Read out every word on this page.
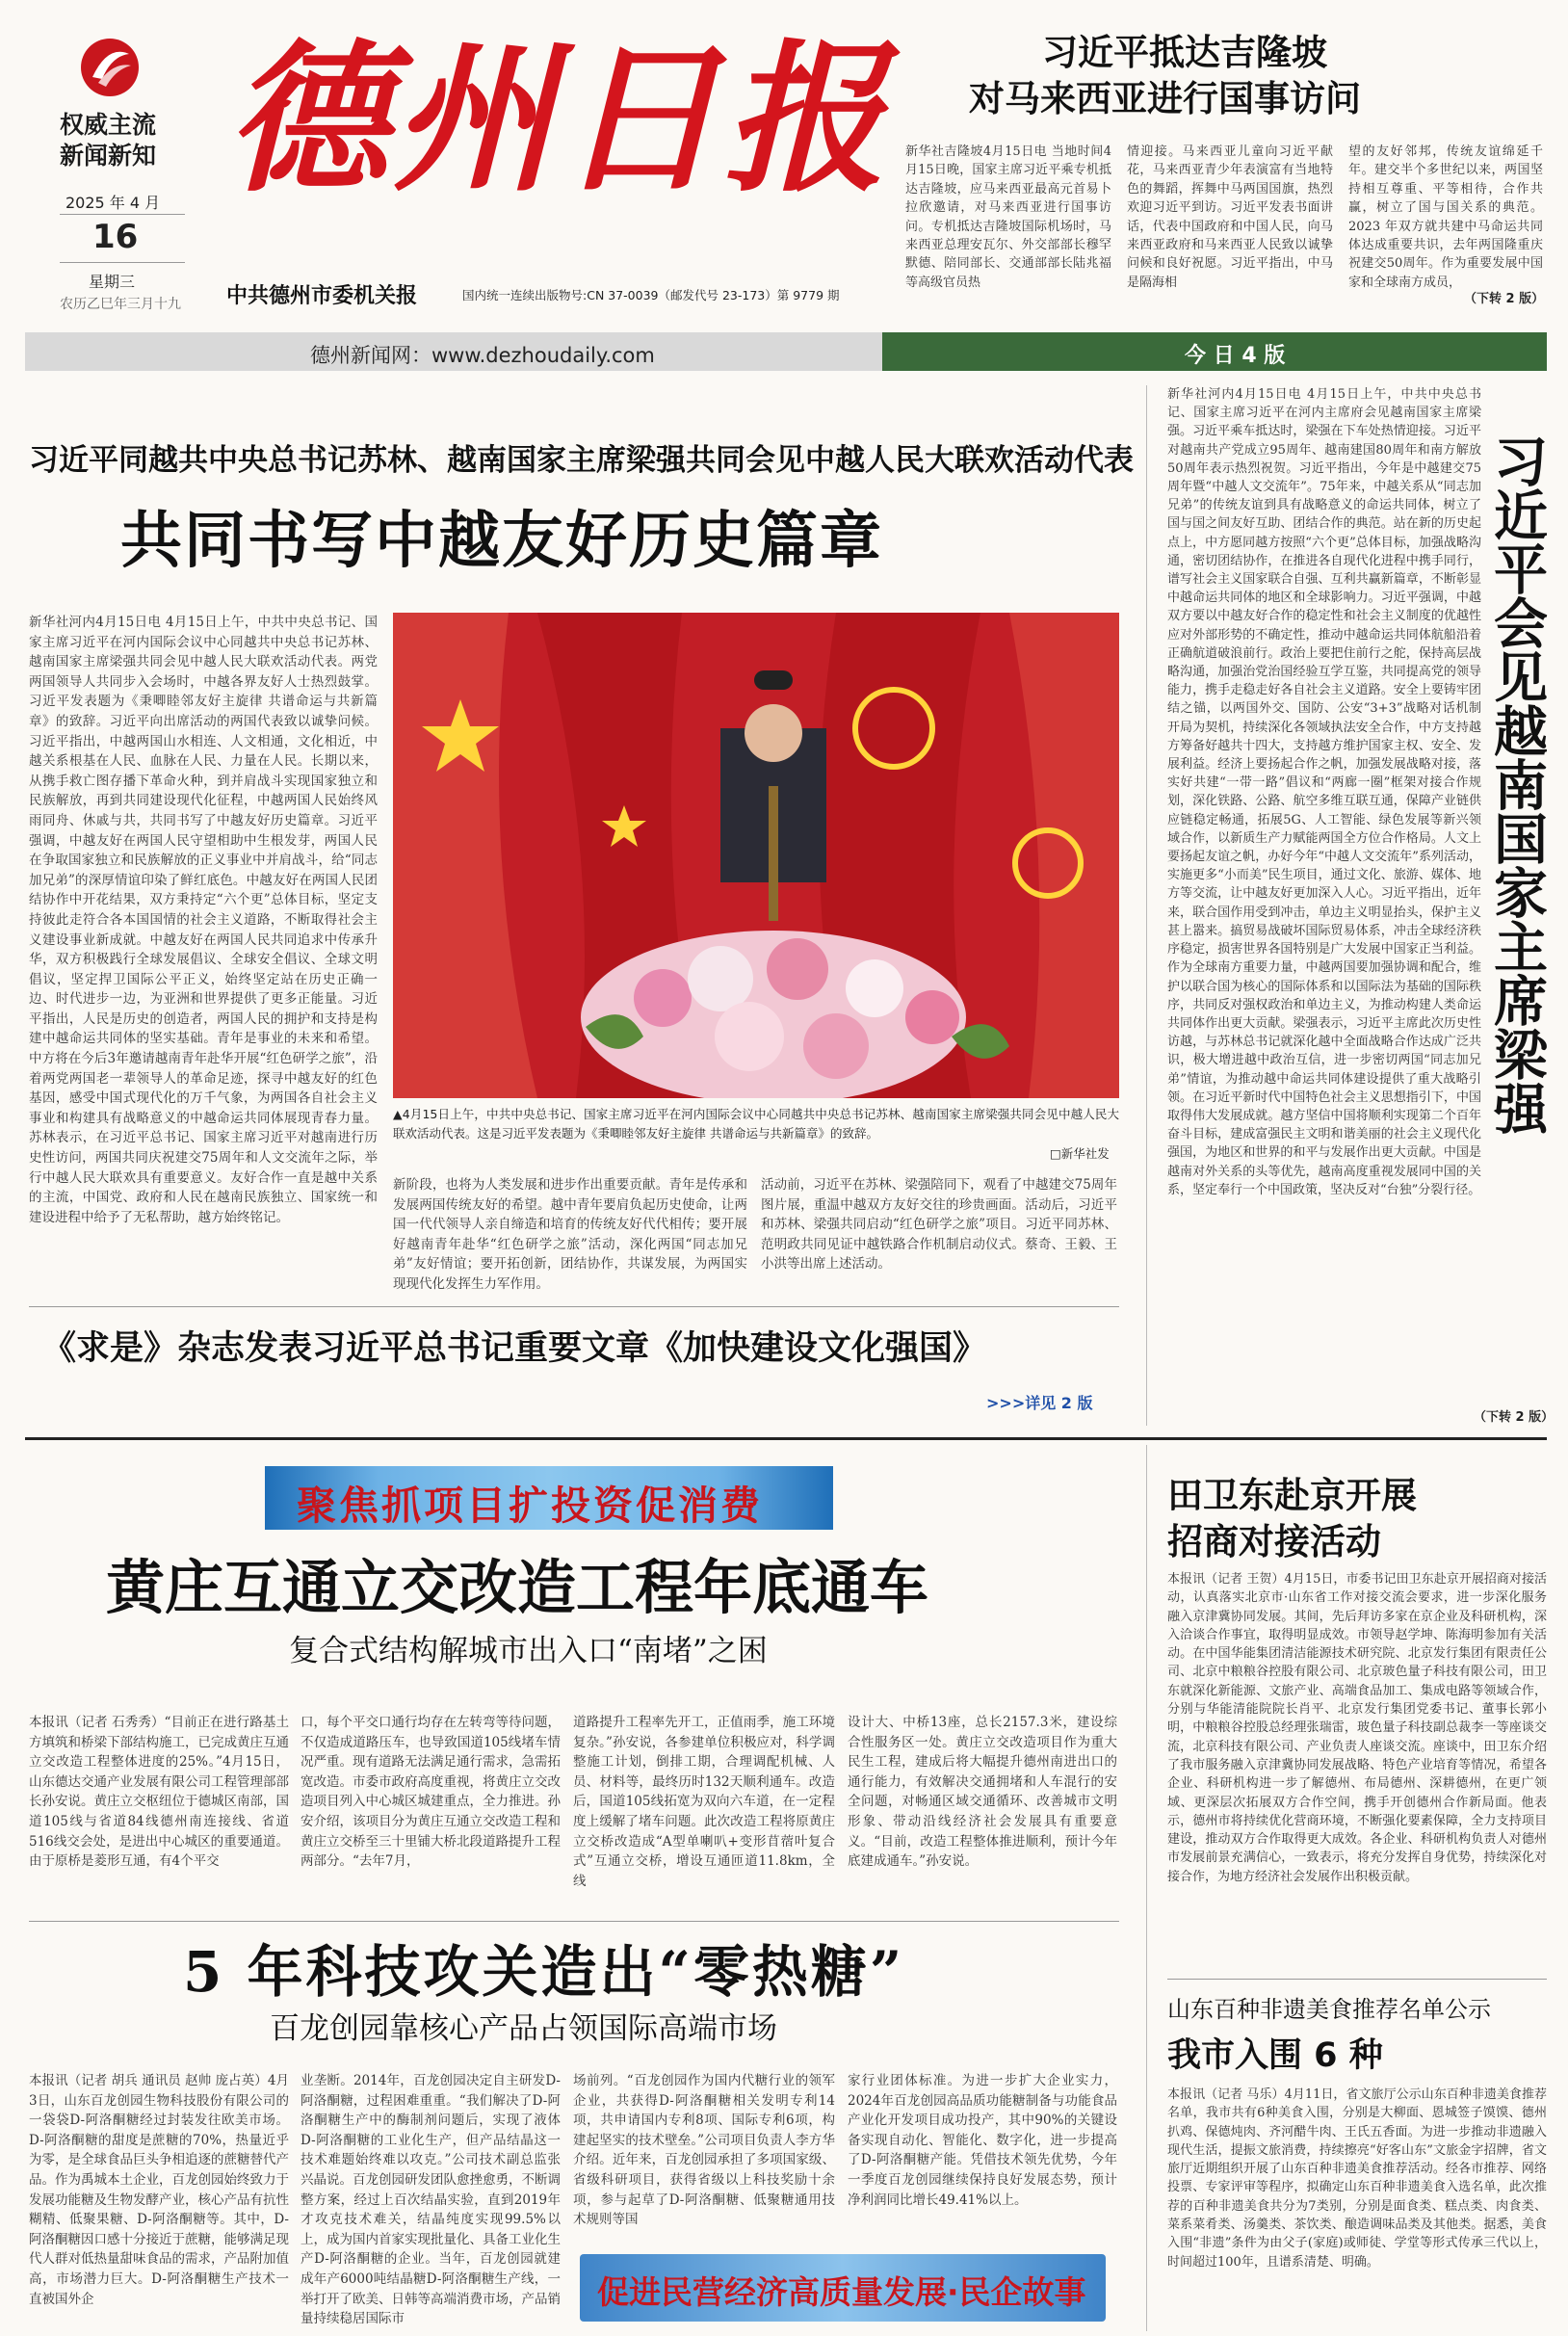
权威主流
新闻新知
2025 年 4 月
16
星期三
农历乙巳年三月十九
德州日报
中共德州市委机关报	国内统一连续出版物号:CN 37-0039（邮发代号 23-173）第 9779 期
习近平抵达吉隆坡
对马来西亚进行国事访问
新华社吉隆坡4月15日电 当地时间4月15日晚，国家主席习近平乘专机抵达吉隆坡，应马来西亚最高元首易卜拉欣邀请，对马来西亚进行国事访问。专机抵达吉隆坡国际机场时，马来西亚总理安瓦尔、外交部部长穆罕默德、陪同部长、交通部部长陆兆福等高级官员热
情迎接。马来西亚儿童向习近平献花，马来西亚青少年表演富有当地特色的舞蹈，挥舞中马两国国旗，热烈欢迎习近平到访。习近平发表书面讲话，代表中国政府和中国人民，向马来西亚政府和马来西亚人民致以诚挚问候和良好祝愿。习近平指出，中马是隔海相
望的友好邻邦，传统友谊绵延千年。建交半个多世纪以来，两国坚持相互尊重、平等相待，合作共赢，树立了国与国关系的典范。2023 年双方就共建中马命运共同体达成重要共识，去年两国隆重庆祝建交50周年。作为重要发展中国家和全球南方成员，
（下转 2 版）
德州新闻网：www.dezhoudaily.com	今 日 4 版
习近平同越共中央总书记苏林、越南国家主席梁强共同会见中越人民大联欢活动代表
共同书写中越友好历史篇章
新华社河内4月15日电 4月15日上午，中共中央总书记、国家主席习近平在河内国际会议中心同越共中央总书记苏林、越南国家主席梁强共同会见中越人民大联欢活动代表。两党两国领导人共同步入会场时，中越各界友好人士热烈鼓掌。习近平发表题为《秉唧睦邻友好主旋律 共谱命运与共新篇章》的致辞。习近平向出席活动的两国代表致以诚挚问候。习近平指出，中越两国山水相连、人文相通，文化相近，中越关系根基在人民、血脉在人民、力量在人民。长期以来，从携手救亡图存播下革命火种，到并肩战斗实现国家独立和民族解放，再到共同建设现代化征程，中越两国人民始终风雨同舟、休戚与共，共同书写了中越友好历史篇章。习近平强调，中越友好在两国人民守望相助中生根发芽，两国人民在争取国家独立和民族解放的正义事业中并肩战斗，给“同志加兄弟”的深厚情谊印染了鲜红底色。中越友好在两国人民团结协作中开花结果，双方秉持定“六个更”总体目标，坚定支持彼此走符合各本国国情的社会主义道路，不断取得社会主义建设事业新成就。中越友好在两国人民共同追求中传承升华，双方积极践行全球发展倡议、全球安全倡议、全球文明倡议，坚定捍卫国际公平正义，始终坚定站在历史正确一边、时代进步一边，为亚洲和世界提供了更多正能量。习近平指出，人民是历史的创造者，两国人民的拥护和支持是构建中越命运共同体的坚实基础。青年是事业的未来和希望。中方将在今后3年邀请越南青年赴华开展“红色研学之旅”，沿着两党两国老一辈领导人的革命足迹，探寻中越友好的红色基因，感受中国式现代化的万千气象，为两国各自社会主义事业和构建具有战略意义的中越命运共同体展现青春力量。苏林表示，在习近平总书记、国家主席习近平对越南进行历史性访问，两国共同庆祝建交75周年和人文交流年之际，举行中越人民大联欢具有重要意义。友好合作一直是越中关系的主流，中国党、政府和人民在越南民族独立、国家统一和建设进程中给予了无私帮助，越方始终铭记。
▲4月15日上午，中共中央总书记、国家主席习近平在河内国际会议中心同越共中央总书记苏林、越南国家主席梁强共同会见中越人民大联欢活动代表。这是习近平发表题为《秉唧睦邻友好主旋律 共谱命运与共新篇章》的致辞。
□新华社发
新阶段，也将为人类发展和进步作出重要贡献。青年是传承和发展两国传统友好的希望。越中青年要肩负起历史使命，让两国一代代领导人亲自缔造和培育的传统友好代代相传；要开展好越南青年赴华“红色研学之旅”活动，深化两国“同志加兄弟”友好情谊；要开拓创新，团结协作，共谋发展，为两国实现现代化发挥生力军作用。
活动前，习近平在苏林、梁强陪同下，观看了中越建交75周年图片展，重温中越双方友好交往的珍贵画面。活动后，习近平和苏林、梁强共同启动“红色研学之旅”项目。习近平同苏林、范明政共同见证中越铁路合作机制启动仪式。蔡奇、王毅、王小洪等出席上述活动。
《求是》杂志发表习近平总书记重要文章《加快建设文化强国》
>>>详见 2 版
新华社河内4月15日电 4月15日上午，中共中央总书记、国家主席习近平在河内主席府会见越南国家主席梁强。习近平乘车抵达时，梁强在下车处热情迎接。习近平对越南共产党成立95周年、越南建国80周年和南方解放50周年表示热烈祝贺。习近平指出，今年是中越建交75周年暨“中越人文交流年”。75年来，中越关系从“同志加兄弟”的传统友谊到具有战略意义的命运共同体，树立了国与国之间友好互助、团结合作的典范。站在新的历史起点上，中方愿同越方按照“六个更”总体目标，加强战略沟通，密切团结协作，在推进各自现代化进程中携手同行，谱写社会主义国家联合自强、互利共赢新篇章，不断彰显中越命运共同体的地区和全球影响力。习近平强调，中越双方要以中越友好合作的稳定性和社会主义制度的优越性应对外部形势的不确定性，推动中越命运共同体航船沿着正确航道破浪前行。政治上要把住前行之舵，保持高层战略沟通，加强治党治国经验互学互鉴，共同提高党的领导能力，携手走稳走好各自社会主义道路。安全上要铸牢团结之锚，以两国外交、国防、公安“3+3”战略对话机制开局为契机，持续深化各领域执法安全合作，中方支持越方筹备好越共十四大，支持越方维护国家主权、安全、发展利益。经济上要扬起合作之帆，加强发展战略对接，落实好共建“一带一路”倡议和“两廊一圈”框架对接合作规划，深化铁路、公路、航空多维互联互通，保障产业链供应链稳定畅通，拓展5G、人工智能、绿色发展等新兴领域合作，以新质生产力赋能两国全方位合作格局。人文上要扬起友谊之帆，办好今年“中越人文交流年”系列活动，实施更多“小而美”民生项目，通过文化、旅游、媒体、地方等交流，让中越友好更加深入人心。习近平指出，近年来，联合国作用受到冲击，单边主义明显抬头，保护主义甚上嚣来。搞贸易战破坏国际贸易体系，冲击全球经济秩序稳定，损害世界各国特别是广大发展中国家正当利益。作为全球南方重要力量，中越两国要加强协调和配合，维护以联合国为核心的国际体系和以国际法为基础的国际秩序，共同反对强权政治和单边主义，为推动构建人类命运共同体作出更大贡献。梁强表示，习近平主席此次历史性访越，与苏林总书记就深化越中全面战略合作达成广泛共识，极大增进越中政治互信，进一步密切两国“同志加兄弟”情谊，为推动越中命运共同体建设提供了重大战略引领。在习近平新时代中国特色社会主义思想指引下，中国取得伟大发展成就。越方坚信中国将顺利实现第二个百年奋斗目标，建成富强民主文明和谐美丽的社会主义现代化强国，为地区和世界的和平与发展作出更大贡献。中国是越南对外关系的头等优先，越南高度重视发展同中国的关系，坚定奉行一个中国政策，坚决反对“台独”分裂行径。
习近平会见越南国家主席梁强
（下转 2 版）
聚焦抓项目扩投资促消费
黄庄互通立交改造工程年底通车
复合式结构解城市出入口“南堵”之困
本报讯（记者 石秀秀）“目前正在进行路基土方填筑和桥梁下部结构施工，已完成黄庄互通立交改造工程整体进度的25%。”4月15日，山东德达交通产业发展有限公司工程管理部部长孙安说。黄庄立交枢纽位于德城区南部，国道105线与省道84线德州南连接线、省道516线交会处，是进出中心城区的重要通道。由于原桥是菱形互通，有4个平交
口，每个平交口通行均存在左转弯等待问题，不仅造成道路压车，也导致国道105线堵车情况严重。现有道路无法满足通行需求，急需拓宽改造。市委市政府高度重视，将黄庄立交改造项目列入中心城区城建重点，全力推进。孙安介绍，该项目分为黄庄互通立交改造工程和黄庄立交桥至三十里铺大桥北段道路提升工程两部分。“去年7月，
道路提升工程率先开工，正值雨季，施工环境复杂。”孙安说，各参建单位积极应对，科学调整施工计划，倒排工期，合理调配机械、人员、材料等，最终历时132天顺利通车。改造后，国道105线拓宽为双向六车道，在一定程度上缓解了堵车问题。此次改造工程将原黄庄立交桥改造成“A型单喇叭+变形苜蓿叶复合式”互通立交桥，增设互通匝道11.8km，全线
设计大、中桥13座，总长2157.3米，建设综合性服务区一处。黄庄立交改造项目作为重大民生工程，建成后将大幅提升德州南进出口的通行能力，有效解决交通拥堵和人车混行的安全问题，对畅通区域交通循环、改善城市文明形象、带动沿线经济社会发展具有重要意义。“目前，改造工程整体推进顺利，预计今年底建成通车。”孙安说。
5 年科技攻关造出“零热糖”
百龙创园靠核心产品占领国际高端市场
本报讯（记者 胡兵 通讯员 赵帅 庞占英）4月3日，山东百龙创园生物科技股份有限公司的一袋袋D-阿洛酮糖经过封装发往欧美市场。D-阿洛酮糖的甜度是蔗糖的70%，热量近乎为零，是全球食品巨头争相追逐的蔗糖替代产品。作为禹城本土企业，百龙创园始终致力于发展功能糖及生物发酵产业，核心产品有抗性糊精、低聚果糖、D-阿洛酮糖等。其中，D-阿洛酮糖因口感十分接近于蔗糖，能够满足现代人群对低热量甜味食品的需求，产品附加值高，市场潜力巨大。D-阿洛酮糖生产技术一直被国外企
业垄断。2014年，百龙创园决定自主研发D-阿洛酮糖，过程困难重重。“我们解决了D-阿洛酮糖生产中的酶制剂问题后，实现了液体D-阿洛酮糖的工业化生产，但产品结晶这一技术难题始终难以攻克。”公司技术副总监张兴晶说。百龙创园研发团队愈挫愈勇，不断调整方案，经过上百次结晶实验，直到2019年才攻克技术难关，结晶纯度实现99.5%以上，成为国内首家实现批量化、具备工业化生产D-阿洛酮糖的企业。当年，百龙创园就建成年产6000吨结晶糖D-阿洛酮糖生产线，一举打开了欧美、日韩等高端消费市场，产品销量持续稳居国际市
场前列。“百龙创园作为国内代糖行业的领军企业，共获得D-阿洛酮糖相关发明专利14项，共申请国内专利8项、国际专利6项，构建起坚实的技术壁垒。”公司项目负责人李方华介绍。近年来，百龙创园承担了多项国家级、省级科研项目，获得省级以上科技奖励十余项，参与起草了D-阿洛酮糖、低聚糖通用技术规则等国
家行业团体标准。为进一步扩大企业实力，2024年百龙创园高品质功能糖制备与功能食品产业化开发项目成功投产，其中90%的关键设备实现自动化、智能化、数字化，进一步提高了D-阿洛酮糖产能。凭借技术领先优势，今年一季度百龙创园继续保持良好发展态势，预计净利润同比增长49.41%以上。
促进民营经济高质量发展·民企故事
田卫东赴京开展
招商对接活动
本报讯（记者 王贺）4月15日，市委书记田卫东赴京开展招商对接活动，认真落实北京市·山东省工作对接交流会要求，进一步深化服务融入京津冀协同发展。其间，先后拜访多家在京企业及科研机构，深入洽谈合作事宜，取得明显成效。市领导赵学坤、陈海明参加有关活动。在中国华能集团清洁能源技术研究院、北京发行集团有限责任公司、北京中粮粮谷控股有限公司、北京玻色量子科技有限公司，田卫东就深化新能源、文旅产业、高端食品加工、集成电路等领域合作，分别与华能清能院院长肖平、北京发行集团党委书记、董事长郭小明，中粮粮谷控股总经理张瑞雷，玻色量子科技副总裁李一等座谈交流，北京科技有限公司、产业负责人座谈交流。座谈中，田卫东介绍了我市服务融入京津冀协同发展战略、特色产业培育等情况，希望各企业、科研机构进一步了解德州、布局德州、深耕德州，在更广领域、更深层次拓展双方合作空间，携手开创德州合作新局面。他表示，德州市将持续优化营商环境，不断强化要素保障，全力支持项目建设，推动双方合作取得更大成效。各企业、科研机构负责人对德州市发展前景充满信心，一致表示，将充分发挥自身优势，持续深化对接合作，为地方经济社会发展作出积极贡献。
山东百种非遗美食推荐名单公示
我市入围 6 种
本报讯（记者 马乐）4月11日，省文旅厅公示山东百种非遗美食推荐名单，我市共有6种美食入围，分别是大柳面、恩城签子馍馍、德州扒鸡、保德炖肉、齐河醋牛肉、王氏五香面。为进一步推动非遗融入现代生活，提振文旅消费，持续擦亮“好客山东”文旅金字招牌，省文旅厅近期组织开展了山东百种非遗美食推荐活动。经各市推荐、网络投票、专家评审等程序，拟确定山东百种非遗美食入选名单，此次推荐的百种非遗美食共分为7类别，分别是面食类、糕点类、肉食类、菜系菜肴类、汤羹类、茶饮类、酿造调味品类及其他类。据悉，美食入围“非遗”条件为由父子(家庭)或师徒、学堂等形式传承三代以上，时间超过100年，且谱系清楚、明确。
